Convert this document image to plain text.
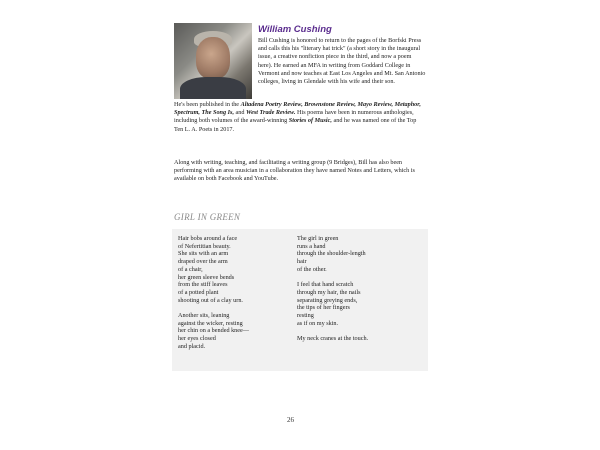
William Cushing

Bill Cushing is honored to return to the pages of the Borfski Press and calls this his "literary hat trick" (a short story in the inaugural issue, a creative nonfiction piece in the third, and now a poem here). He earned an MFA in writing from Goddard College in Vermont and now teaches at East Los Angeles and Mt. San Antonio colleges, living in Glendale with his wife and their son.

He's been published in the Altadena Poetry Review, Brownstone Review, Mayo Review, Metaphor, Spectrum, The Song Is, and West Trade Review. His poems have been in numerous anthologies, including both volumes of the award-winning Stories of Music, and he was named one of the Top Ten L. A. Poets in 2017.

Along with writing, teaching, and facilitating a writing group (9 Bridges), Bill has also been performing with an area musician in a collaboration they have named Notes and Letters, which is available on both Facebook and YouTube.

GIRL IN GREEN
Hair bobs around a face
of Nefertitian beauty.
She sits with an arm
draped over the arm
of a chair,
her green sleeve bends
from the stiff leaves
of a potted plant
shooting out of a clay urn.
Another sits, leaning
against the wicker, resting
her chin on a bended knee—
her eyes closed
and placid.
The girl in green
runs a hand
through the shoulder-length
hair
of the other.
I feel that hand scratch
through my hair, the nails
separating greying ends,
the tips of her fingers
resting
as if on my skin.
My neck cranes at the touch.
26
